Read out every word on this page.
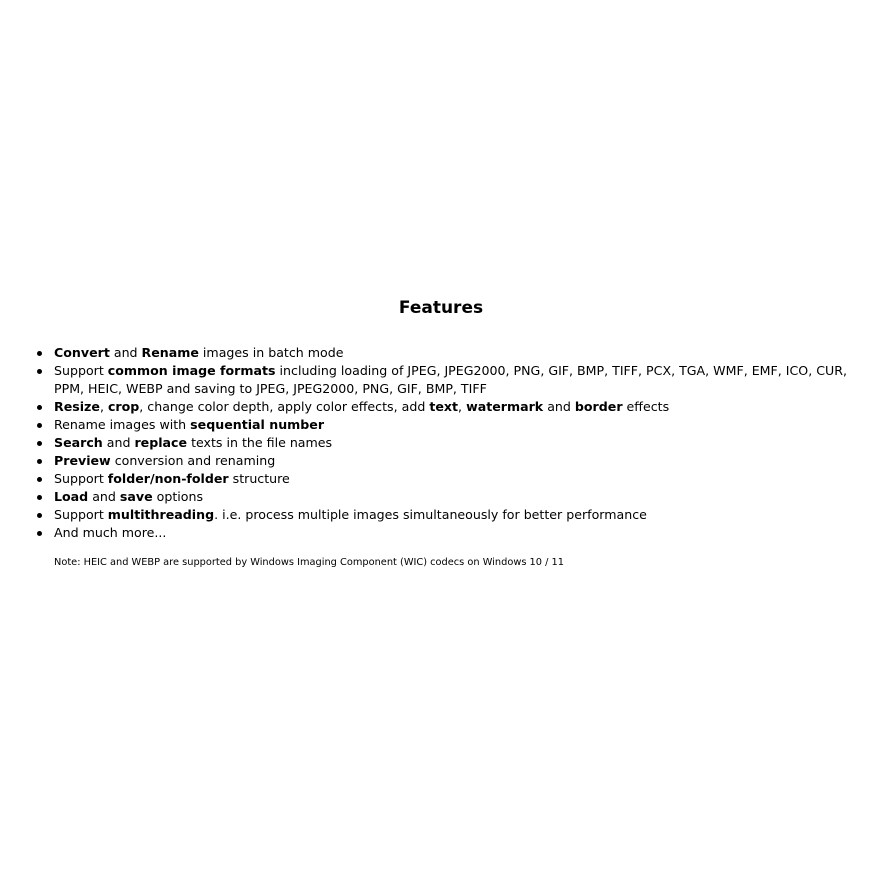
Features
Convert and Rename images in batch mode
Support common image formats including loading of JPEG, JPEG2000, PNG, GIF, BMP, TIFF, PCX, TGA, WMF, EMF, ICO, CUR, PPM, HEIC, WEBP and saving to JPEG, JPEG2000, PNG, GIF, BMP, TIFF
Resize, crop, change color depth, apply color effects, add text, watermark and border effects
Rename images with sequential number
Search and replace texts in the file names
Preview conversion and renaming
Support folder/non-folder structure
Load and save options
Support multithreading. i.e. process multiple images simultaneously for better performance
And much more...

Note: HEIC and WEBP are supported by Windows Imaging Component (WIC) codecs on Windows 10 / 11
